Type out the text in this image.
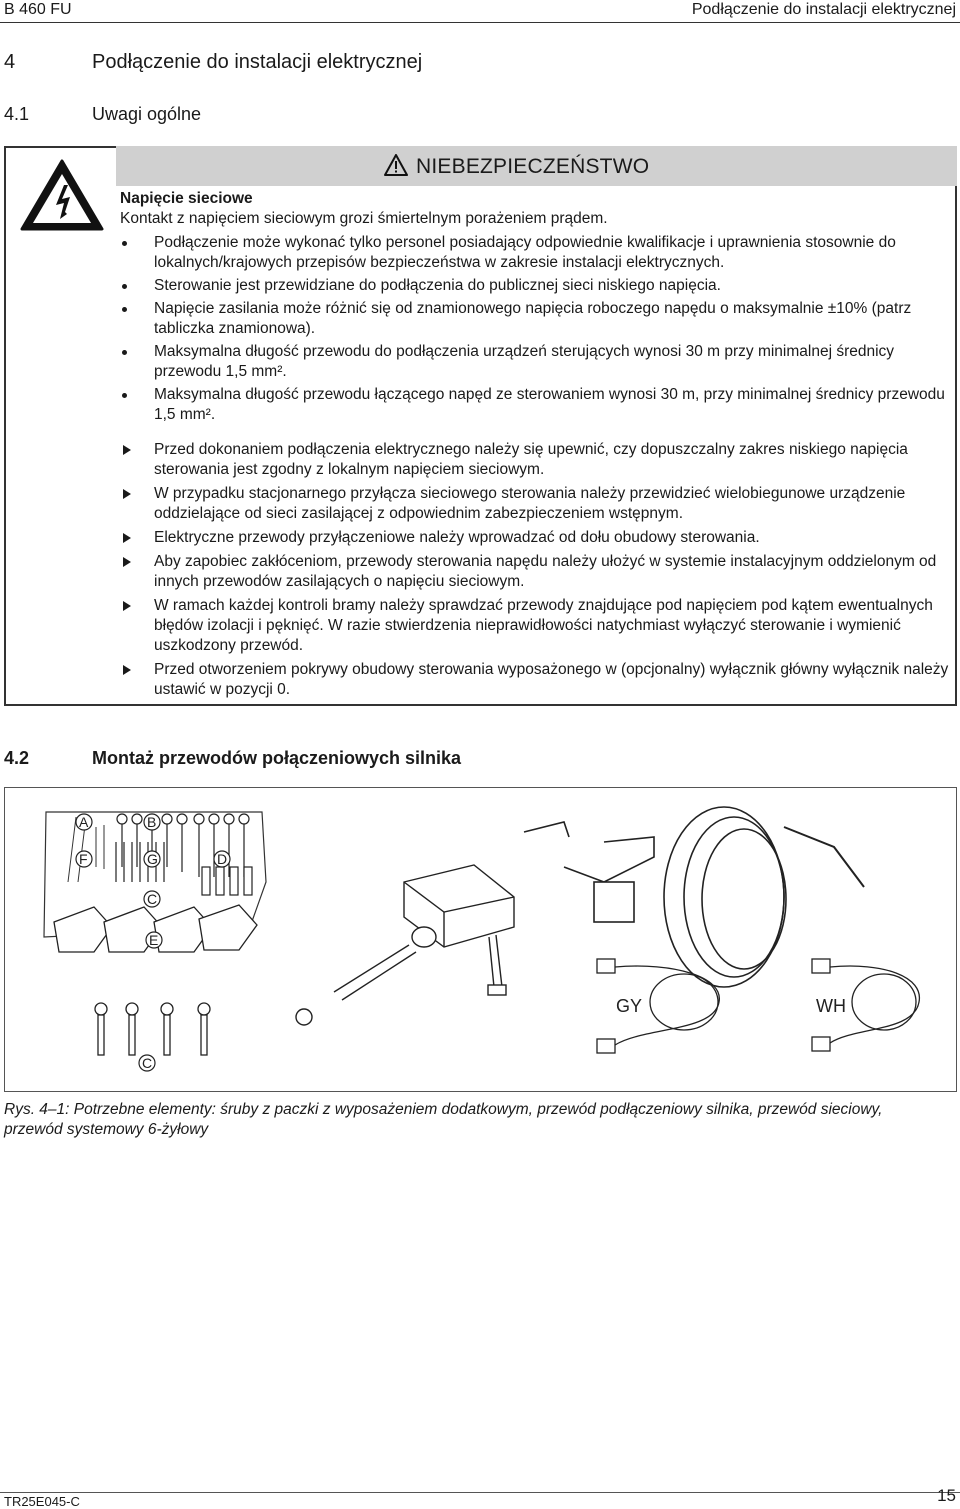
B 460 FU	Podłączenie do instalacji elektrycznej
4	Podłączenie do instalacji elektrycznej
4.1	Uwagi ogólne
NIEBEZPIECZEŃSTWO
Napięcie sieciowe
Kontakt z napięciem sieciowym grozi śmiertelnym porażeniem prądem.
Podłączenie może wykonać tylko personel posiadający odpowiednie kwalifikacje i uprawnienia stosownie do lokalnych/krajowych przepisów bezpieczeństwa w zakresie instalacji elektrycznych.
Sterowanie jest przewidziane do podłączenia do publicznej sieci niskiego napięcia.
Napięcie zasilania może różnić się od znamionowego napięcia roboczego napędu o maksymalnie ±10% (patrz tabliczka znamionowa).
Maksymalna długość przewodu do podłączenia urządzeń sterujących wynosi 30 m przy minimalnej średnicy przewodu 1,5 mm².
Maksymalna długość przewodu łączącego napęd ze sterowaniem wynosi 30 m, przy minimalnej średnicy przewodu 1,5 mm².
Przed dokonaniem podłączenia elektrycznego należy się upewnić, czy dopuszczalny zakres niskiego napięcia sterowania jest zgodny z lokalnym napięciem sieciowym.
W przypadku stacjonarnego przyłącza sieciowego sterowania należy przewidzieć wielobiegunowe urządzenie oddzielające od sieci zasilającej z odpowiednim zabezpieczeniem wstępnym.
Elektryczne przewody przyłączeniowe należy wprowadzać od dołu obudowy sterowania.
Aby zapobiec zakłóceniom, przewody sterowania napędu należy ułożyć w systemie instalacyjnym oddzielonym od innych przewodów zasilających o napięciu sieciowym.
W ramach każdej kontroli bramy należy sprawdzać przewody znajdujące pod napięciem pod kątem ewentualnych błędów izolacji i pęknięć. W razie stwierdzenia nieprawidłowości natychmiast wyłączyć sterowanie i wymienić uszkodzony przewód.
Przed otworzeniem pokrywy obudowy sterowania wyposażonego w (opcjonalny) wyłącznik główny wyłącznik należy ustawić w pozycji 0.
4.2	Montaż przewodów połączeniowych silnika
A	B
F	G	D
C
E
C
GY	WH
Rys. 4–1: Potrzebne elementy: śruby z paczki z wyposażeniem dodatkowym, przewód podłączeniowy silnika, przewód sieciowy, przewód systemowy 6-żyłowy
TR25E045-C	15
